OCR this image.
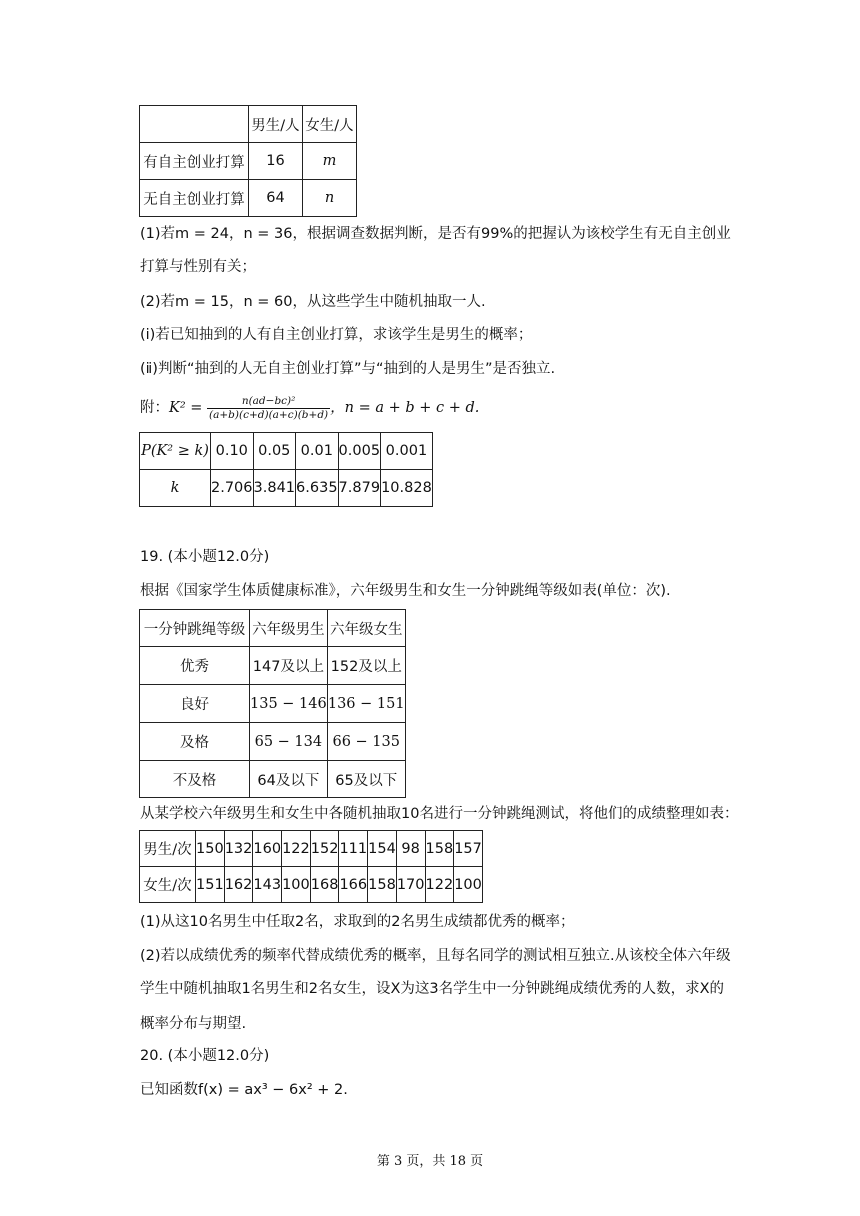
	男生/人	女生/人
有自主创业打算	16	m
无自主创业打算	64	n
(1)若m = 24，n = 36，根据调查数据判断，是否有99%的把握认为该校学生有无自主创业
打算与性别有关；
(2)若m = 15，n = 60，从这些学生中随机抽取一人.
(ⅰ)若已知抽到的人有自主创业打算，求该学生是男生的概率；
(ⅱ)判断“抽到的人无自主创业打算”与“抽到的人是男生”是否独立.
附：$K^2 = \frac{\text{n(ad−bc)²}}{(a+b)(c+d)(a+c)(b+d)}$ ，n = a + b + c + d.
P(K² ≥ k)	0.10	0.05	0.01	0.005	0.001
k	2.706	3.841	6.635	7.879	10.828
19. (本小题12.0分)
根据《国家学生体质健康标准》，六年级男生和女生一分钟跳绳等级如表(单位：次).
一分钟跳绳等级	六年级男生	六年级女生
优秀	147及以上	152及以上
良好	135 − 146	136 − 151
及格	65 − 134	66 − 135
不及格	64及以下	65及以下
从某学校六年级男生和女生中各随机抽取10名进行一分钟跳绳测试，将他们的成绩整理如表：
男生/次	150	132	160	122	152	111	154	98	158	157
女生/次	151	162	143	100	168	166	158	170	122	100
(1)从这10名男生中任取2名，求取到的2名男生成绩都优秀的概率；
(2)若以成绩优秀的频率代替成绩优秀的概率，且每名同学的测试相互独立.从该校全体六年级
学生中随机抽取1名男生和2名女生，设X为这3名学生中一分钟跳绳成绩优秀的人数，求X的
概率分布与期望.
20. (本小题12.0分)
已知函数f(x) = ax³ − 6x² + 2.
第 3 页，共 18 页
